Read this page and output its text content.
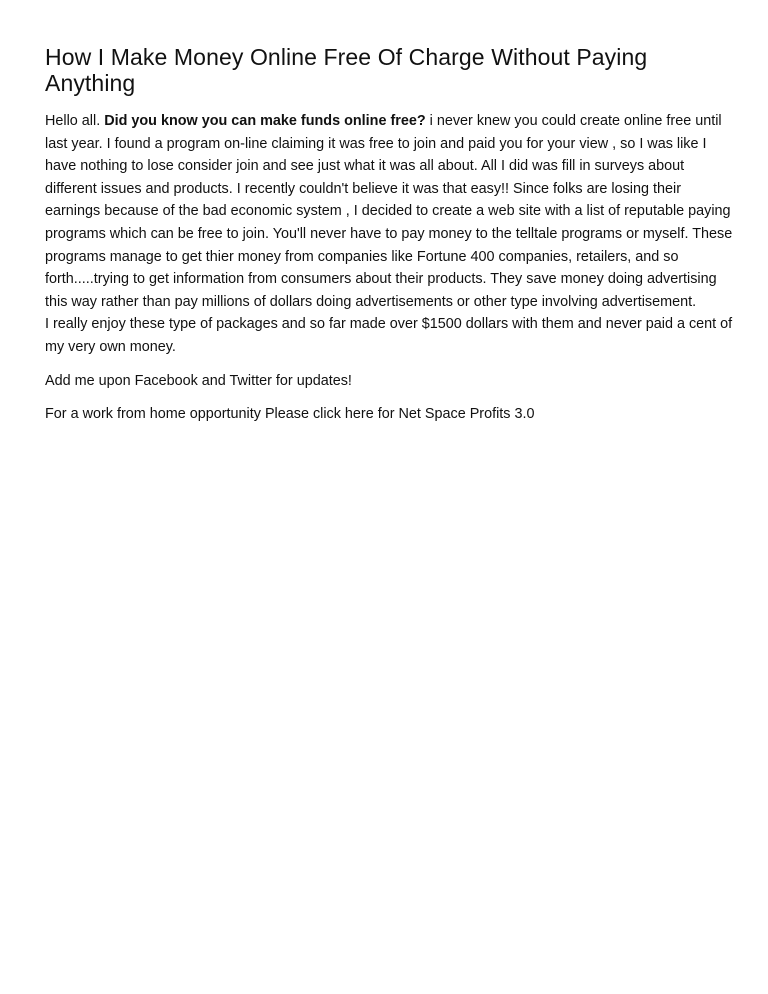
How I Make Money Online Free Of Charge Without Paying Anything

Hello all. Did you know you can make funds online free? i never knew you could create online free until last year. I found a program on-line claiming it was free to join and paid you for your view , so I was like I have nothing to lose consider join and see just what it was all about. All I did was fill in surveys about different issues and products. I recently couldn't believe it was that easy!! Since folks are losing their earnings because of the bad economic system , I decided to create a web site with a list of reputable paying programs which can be free to join. You'll never have to pay money to the telltale programs or myself. These programs manage to get thier money from companies like Fortune 400 companies, retailers, and so forth.....trying to get information from consumers about their products. They save money doing advertising this way rather than pay millions of dollars doing advertisements or other type involving advertisement.

I really enjoy these type of packages and so far made over $1500 dollars with them and never paid a cent of my very own money.

Add me upon Facebook and Twitter for updates!

For a work from home opportunity Please click here for Net Space Profits 3.0
